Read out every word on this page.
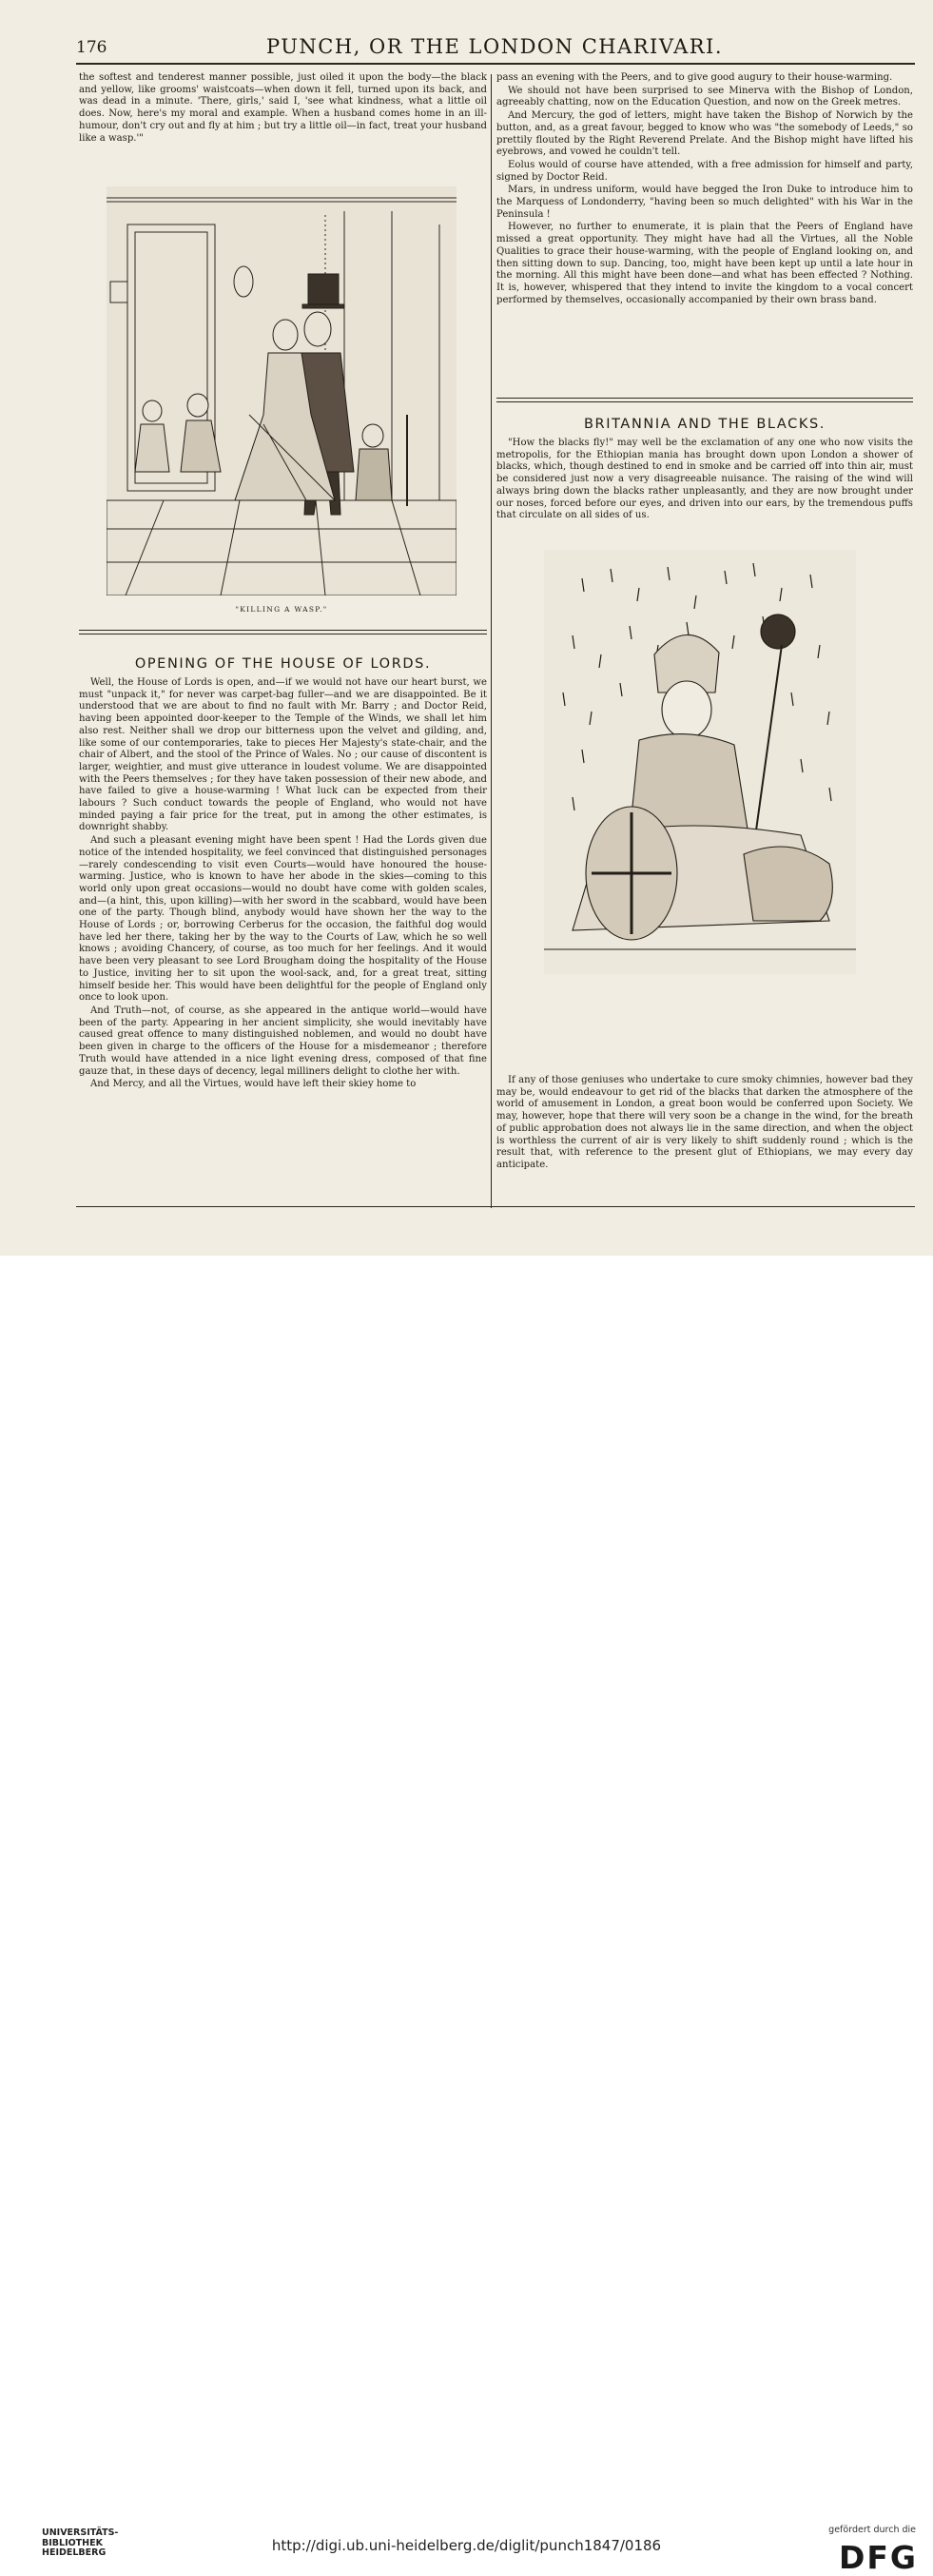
176	PUNCH, OR THE LONDON CHARIVARI.

the softest and tenderest manner possible, just oiled it upon the body—the black and yellow, like grooms' waistcoats—when down it fell, turned upon its back, and was dead in a minute. 'There, girls,' said I, 'see what kindness, what a little oil does. Now, here's my moral and example. When a husband comes home in an ill-humour, don't cry out and fly at him ; but try a little oil—in fact, treat your husband like a wasp.'"

"KILLING A WASP."
OPENING OF THE HOUSE OF LORDS.

Well, the House of Lords is open, and—if we would not have our heart burst, we must "unpack it," for never was carpet-bag fuller—and we are disappointed. Be it understood that we are about to find no fault with Mr. Barry ; and Doctor Reid, having been appointed door-keeper to the Temple of the Winds, we shall let him also rest. Neither shall we drop our bitterness upon the velvet and gilding, and, like some of our contemporaries, take to pieces Her Majesty's state-chair, and the chair of Albert, and the stool of the Prince of Wales. No ; our cause of discontent is larger, weightier, and must give utterance in loudest volume. We are disappointed with the Peers themselves ; for they have taken possession of their new abode, and have failed to give a house-warming ! What luck can be expected from their labours ? Such conduct towards the people of England, who would not have minded paying a fair price for the treat, put in among the other estimates, is downright shabby.

And such a pleasant evening might have been spent ! Had the Lords given due notice of the intended hospitality, we feel convinced that distinguished personages—rarely condescending to visit even Courts—would have honoured the house-warming. Justice, who is known to have her abode in the skies—coming to this world only upon great occasions—would no doubt have come with golden scales, and—(a hint, this, upon killing)—with her sword in the scabbard, would have been one of the party. Though blind, anybody would have shown her the way to the House of Lords ; or, borrowing Cerberus for the occasion, the faithful dog would have led her there, taking her by the way to the Courts of Law, which he so well knows ; avoiding Chancery, of course, as too much for her feelings. And it would have been very pleasant to see Lord Brougham doing the hospitality of the House to Justice, inviting her to sit upon the wool-sack, and, for a great treat, sitting himself beside her. This would have been delightful for the people of England only once to look upon.

And Truth—not, of course, as she appeared in the antique world—would have been of the party. Appearing in her ancient simplicity, she would inevitably have caused great offence to many distinguished noblemen, and would no doubt have been given in charge to the officers of the House for a misdemeanor ; therefore Truth would have attended in a nice light evening dress, composed of that fine gauze that, in these days of decency, legal milliners delight to clothe her with.

And Mercy, and all the Virtues, would have left their skiey home to

pass an evening with the Peers, and to give good augury to their house-warming.

We should not have been surprised to see Minerva with the Bishop of London, agreeably chatting, now on the Education Question, and now on the Greek metres.

And Mercury, the god of letters, might have taken the Bishop of Norwich by the button, and, as a great favour, begged to know who was "the somebody of Leeds," so prettily flouted by the Right Reverend Prelate. And the Bishop might have lifted his eyebrows, and vowed he couldn't tell.

Eolus would of course have attended, with a free admission for himself and party, signed by Doctor Reid.

Mars, in undress uniform, would have begged the Iron Duke to introduce him to the Marquess of Londonderry, "having been so much delighted" with his War in the Peninsula !

However, no further to enumerate, it is plain that the Peers of England have missed a great opportunity. They might have had all the Virtues, all the Noble Qualities to grace their house-warming, with the people of England looking on, and then sitting down to sup. Dancing, too, might have been kept up until a late hour in the morning. All this might have been done—and what has been effected ? Nothing. It is, however, whispered that they intend to invite the kingdom to a vocal concert performed by themselves, occasionally accompanied by their own brass band.

BRITANNIA AND THE BLACKS.

"How the blacks fly!" may well be the exclamation of any one who now visits the metropolis, for the Ethiopian mania has brought down upon London a shower of blacks, which, though destined to end in smoke and be carried off into thin air, must be considered just now a very disagreeable nuisance. The raising of the wind will always bring down the blacks rather unpleasantly, and they are now brought under our noses, forced before our eyes, and driven into our ears, by the tremendous puffs that circulate on all sides of us.

If any of those geniuses who undertake to cure smoky chimnies, however bad they may be, would endeavour to get rid of the blacks that darken the atmosphere of the world of amusement in London, a great boon would be conferred upon Society. We may, however, hope that there will very soon be a change in the wind, for the breath of public approbation does not always lie in the same direction, and when the object is worthless the current of air is very likely to shift suddenly round ; which is the result that, with reference to the present glut of Ethiopians, we may every day anticipate.

UNIVERSITÄTS-
BIBLIOTHEK
HEIDELBERG	http://digi.ub.uni-heidelberg.de/diglit/punch1847/0186
gefördert durch die
DFG
